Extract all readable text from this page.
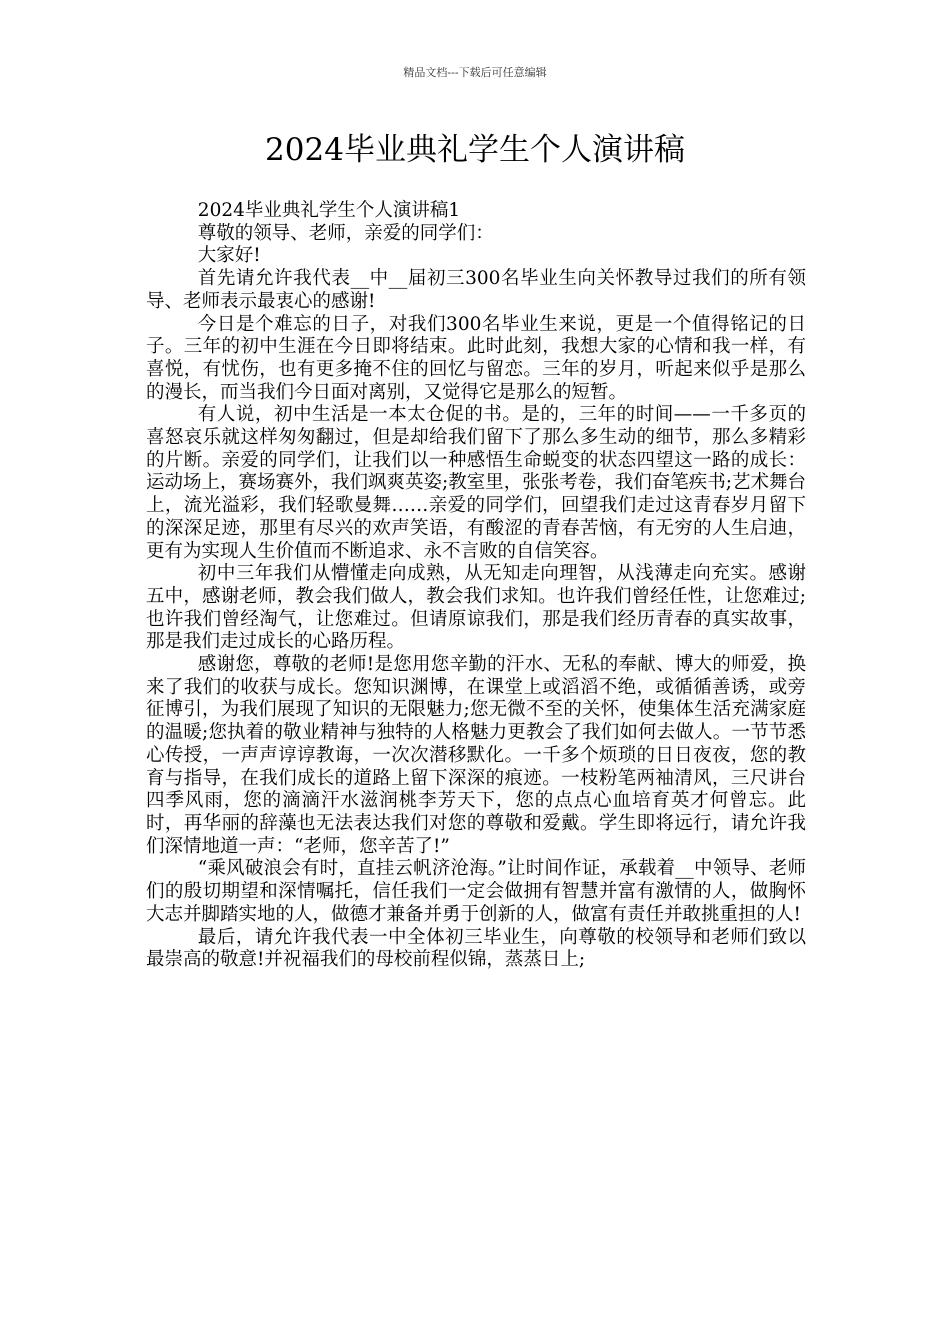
精品文档---下载后可任意编辑
2024毕业典礼学生个人演讲稿

2024毕业典礼学生个人演讲稿1

尊敬的领导、老师，亲爱的同学们：

大家好!

首先请允许我代表__中__届初三300名毕业生向关怀教导过我们的所有领导、老师表示最衷心的感谢!

今日是个难忘的日子，对我们300名毕业生来说，更是一个值得铭记的日子。三年的初中生涯在今日即将结束。此时此刻，我想大家的心情和我一样，有喜悦，有忧伤，也有更多掩不住的回忆与留恋。三年的岁月，听起来似乎是那么的漫长，而当我们今日面对离别，又觉得它是那么的短暂。

有人说，初中生活是一本太仓促的书。是的，三年的时间——一千多页的喜怒哀乐就这样匆匆翻过，但是却给我们留下了那么多生动的细节，那么多精彩的片断。亲爱的同学们，让我们以一种感悟生命蜕变的状态四望这一路的成长：运动场上，赛场赛外，我们飒爽英姿;教室里，张张考卷，我们奋笔疾书;艺术舞台上，流光溢彩，我们轻歌曼舞……亲爱的同学们，回望我们走过这青春岁月留下的深深足迹，那里有尽兴的欢声笑语，有酸涩的青春苦恼，有无穷的人生启迪，更有为实现人生价值而不断追求、永不言败的自信笑容。

初中三年我们从懵懂走向成熟，从无知走向理智，从浅薄走向充实。感谢五中，感谢老师，教会我们做人，教会我们求知。也许我们曾经任性，让您难过;也许我们曾经淘气，让您难过。但请原谅我们，那是我们经历青春的真实故事，那是我们走过成长的心路历程。

感谢您，尊敬的老师!是您用您辛勤的汗水、无私的奉献、博大的师爱，换来了我们的收获与成长。您知识渊博，在课堂上或滔滔不绝，或循循善诱，或旁征博引，为我们展现了知识的无限魅力;您无微不至的关怀，使集体生活充满家庭的温暖;您执着的敬业精神与独特的人格魅力更教会了我们如何去做人。一节节悉心传授，一声声谆谆教诲，一次次潜移默化。一千多个烦琐的日日夜夜，您的教育与指导，在我们成长的道路上留下深深的痕迹。一枝粉笔两袖清风，三尺讲台四季风雨，您的滴滴汗水滋润桃李芳天下，您的点点心血培育英才何曾忘。此时，再华丽的辞藻也无法表达我们对您的尊敬和爱戴。学生即将远行，请允许我们深情地道一声：“老师，您辛苦了!”

“乘风破浪会有时，直挂云帆济沧海。”让时间作证，承载着__中领导、老师们的殷切期望和深情嘱托，信任我们一定会做拥有智慧并富有激情的人，做胸怀大志并脚踏实地的人，做德才兼备并勇于创新的人，做富有责任并敢挑重担的人!

最后，请允许我代表一中全体初三毕业生，向尊敬的校领导和老师们致以最崇高的敬意!并祝福我们的母校前程似锦，蒸蒸日上;
